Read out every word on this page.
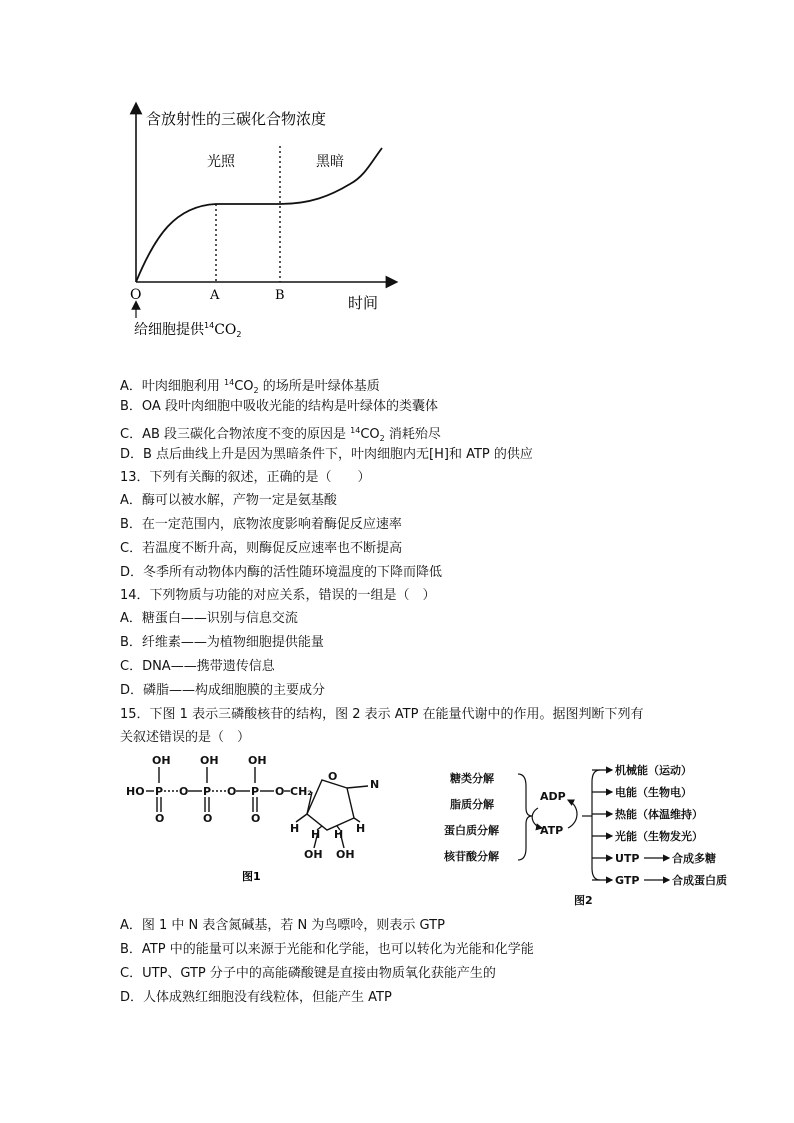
含放射性的三碳化合物浓度
光照	黑暗
O	A	B	时间
给细胞提供$^{14}CO_2$
A．叶肉细胞利用 $^{14}CO_2$ 的场所是叶绿体基质
B．OA 段叶肉细胞中吸收光能的结构是叶绿体的类囊体
C．AB 段三碳化合物浓度不变的原因是 $^{14}CO_2$ 消耗殆尽
D．B 点后曲线上升是因为黑暗条件下，叶肉细胞内无[H]和 ATP 的供应
13．下列有关酶的叙述，正确的是（　　）
A．酶可以被水解，产物一定是氨基酸
B．在一定范围内，底物浓度影响着酶促反应速率
C．若温度不断升高，则酶促反应速率也不断提高
D．冬季所有动物体内酶的活性随环境温度的下降而降低
14．下列物质与功能的对应关系，错误的一组是（　）
A．糖蛋白——识别与信息交流
B．纤维素——为植物细胞提供能量
C．DNA——携带遗传信息
D．磷脂——构成细胞膜的主要成分
15．下图 1 表示三磷酸核苷的结构，图 2 表示 ATP 在能量代谢中的作用。据图判断下列有
关叙述错误的是（　）
OH	OH	OH
HO P O P O P O CH₂
O	O	O
O
N
H H H H
OH OH
图1
糖类分解
脂质分解
蛋白质分解
核苷酸分解
ADP
ATP
机械能（运动）
电能（生物电）
热能（体温维持）
光能（生物发光）
UTP	合成多糖
GTP	合成蛋白质
图2
A．图 1 中 N 表含氮碱基，若 N 为鸟嘌呤，则表示 GTP
B．ATP 中的能量可以来源于光能和化学能，也可以转化为光能和化学能
C．UTP、GTP 分子中的高能磷酸键是直接由物质氧化获能产生的
D．人体成熟红细胞没有线粒体，但能产生 ATP
